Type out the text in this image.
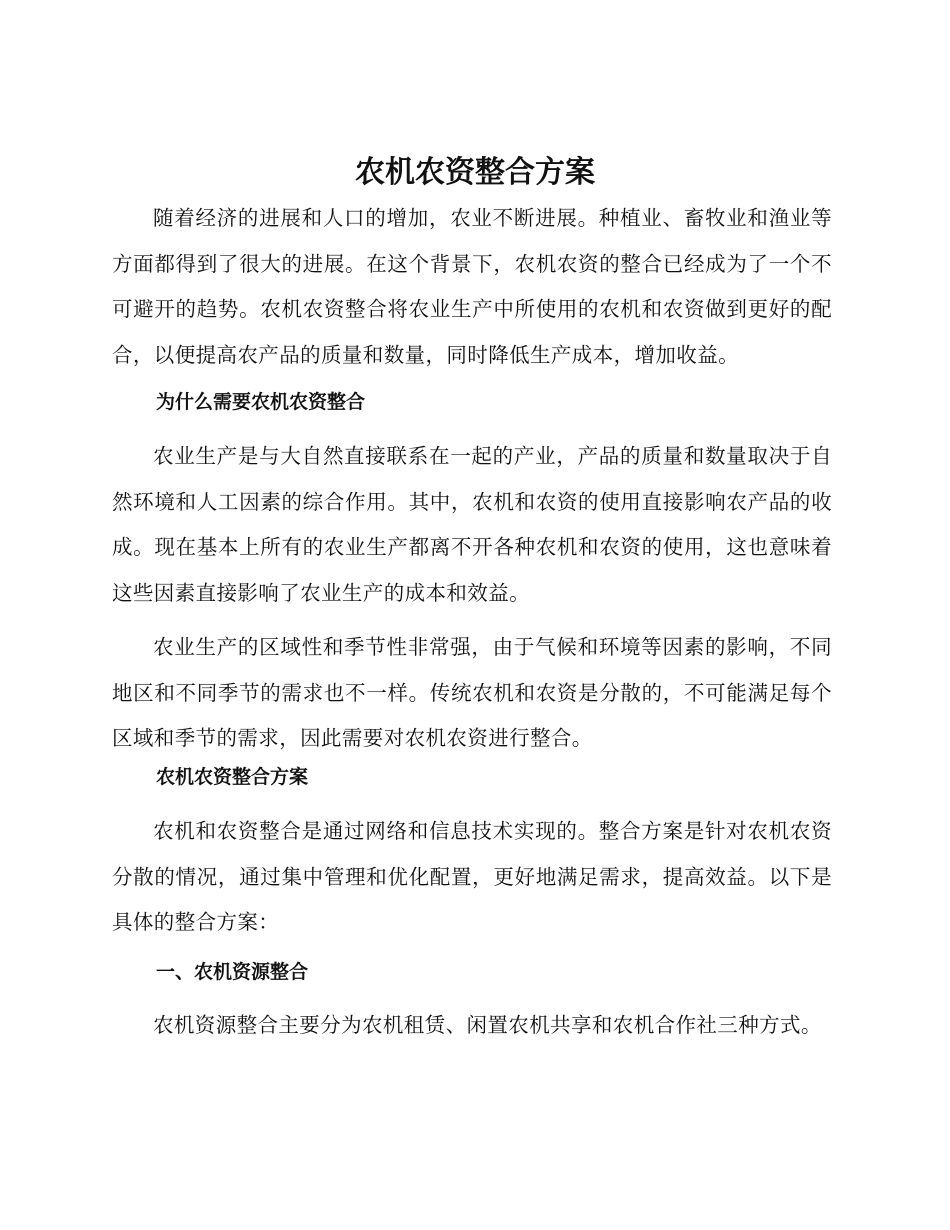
农机农资整合方案

随着经济的进展和人口的增加，农业不断进展。种植业、畜牧业和渔业等方面都得到了很大的进展。在这个背景下，农机农资的整合已经成为了一个不可避开的趋势。农机农资整合将农业生产中所使用的农机和农资做到更好的配合，以便提高农产品的质量和数量，同时降低生产成本，增加收益。

为什么需要农机农资整合

农业生产是与大自然直接联系在一起的产业，产品的质量和数量取决于自然环境和人工因素的综合作用。其中，农机和农资的使用直接影响农产品的收成。现在基本上所有的农业生产都离不开各种农机和农资的使用，这也意味着这些因素直接影响了农业生产的成本和效益。

农业生产的区域性和季节性非常强，由于气候和环境等因素的影响，不同地区和不同季节的需求也不一样。传统农机和农资是分散的，不可能满足每个区域和季节的需求，因此需要对农机农资进行整合。

农机农资整合方案

农机和农资整合是通过网络和信息技术实现的。整合方案是针对农机农资分散的情况，通过集中管理和优化配置，更好地满足需求，提高效益。以下是具体的整合方案：

一、农机资源整合

农机资源整合主要分为农机租赁、闲置农机共享和农机合作社三种方式。
